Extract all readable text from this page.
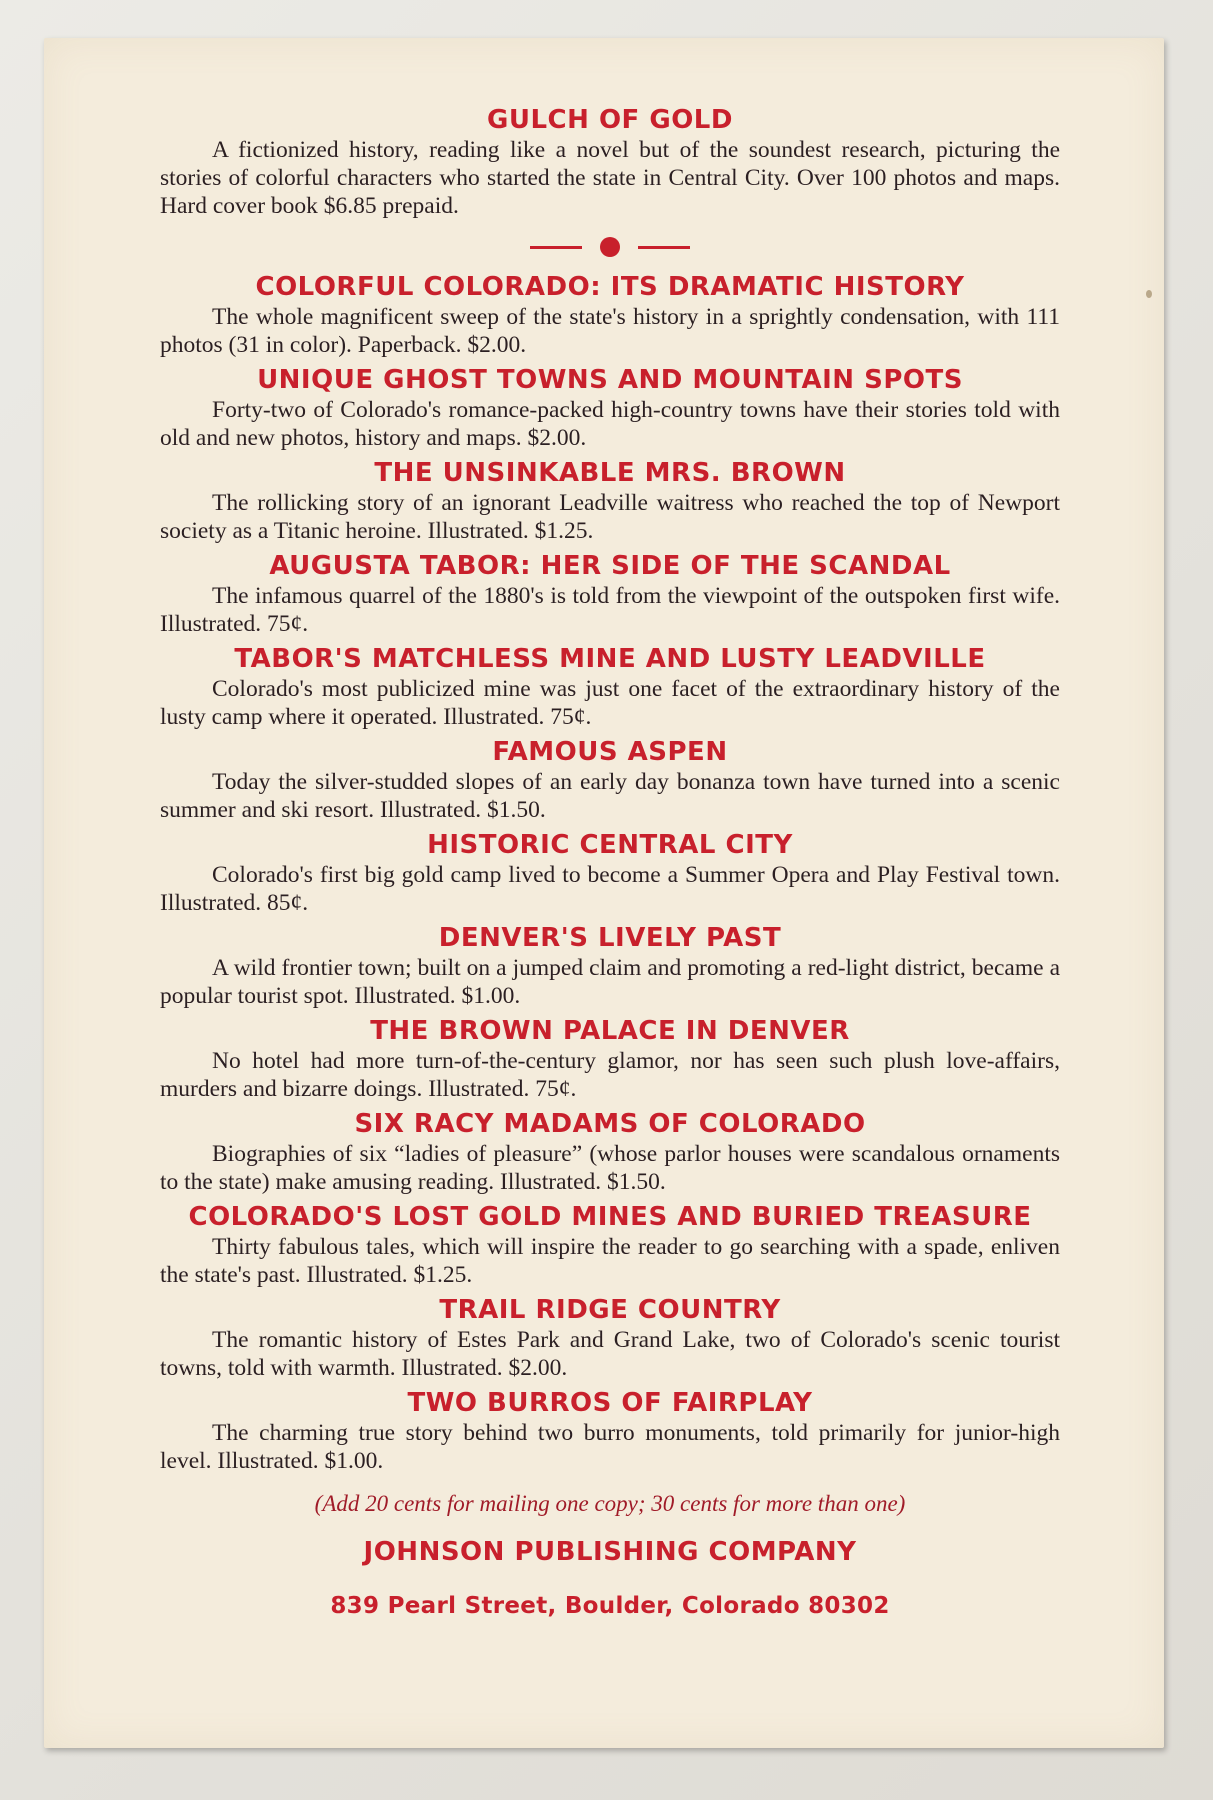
GULCH OF GOLD
A fictionized history, reading like a novel but of the soundest research, picturing the stories of colorful characters who started the state in Central City. Over 100 photos and maps. Hard cover book $6.85 prepaid.
COLORFUL COLORADO: ITS DRAMATIC HISTORY
The whole magnificent sweep of the state's history in a sprightly condensation, with 111 photos (31 in color). Paperback. $2.00.
UNIQUE GHOST TOWNS AND MOUNTAIN SPOTS
Forty-two of Colorado's romance-packed high-country towns have their stories told with old and new photos, history and maps. $2.00.
THE UNSINKABLE MRS. BROWN
The rollicking story of an ignorant Leadville waitress who reached the top of Newport society as a Titanic heroine. Illustrated. $1.25.
AUGUSTA TABOR: HER SIDE OF THE SCANDAL
The infamous quarrel of the 1880's is told from the viewpoint of the outspoken first wife. Illustrated. 75¢.
TABOR'S MATCHLESS MINE AND LUSTY LEADVILLE
Colorado's most publicized mine was just one facet of the extraordinary history of the lusty camp where it operated. Illustrated. 75¢.
FAMOUS ASPEN
Today the silver-studded slopes of an early day bonanza town have turned into a scenic summer and ski resort. Illustrated. $1.50.
HISTORIC CENTRAL CITY
Colorado's first big gold camp lived to become a Summer Opera and Play Festival town. Illustrated. 85¢.
DENVER'S LIVELY PAST
A wild frontier town; built on a jumped claim and promoting a red-light district, became a popular tourist spot. Illustrated. $1.00.
THE BROWN PALACE IN DENVER
No hotel had more turn-of-the-century glamor, nor has seen such plush love-affairs, murders and bizarre doings. Illustrated. 75¢.
SIX RACY MADAMS OF COLORADO
Biographies of six “ladies of pleasure” (whose parlor houses were scandalous ornaments to the state) make amusing reading. Illustrated. $1.50.
COLORADO'S LOST GOLD MINES AND BURIED TREASURE
Thirty fabulous tales, which will inspire the reader to go searching with a spade, enliven the state's past. Illustrated. $1.25.
TRAIL RIDGE COUNTRY
The romantic history of Estes Park and Grand Lake, two of Colorado's scenic tourist towns, told with warmth. Illustrated. $2.00.
TWO BURROS OF FAIRPLAY
The charming true story behind two burro monuments, told primarily for junior-high level. Illustrated. $1.00.
(Add 20 cents for mailing one copy; 30 cents for more than one)
JOHNSON PUBLISHING COMPANY
839 Pearl Street, Boulder, Colorado 80302
